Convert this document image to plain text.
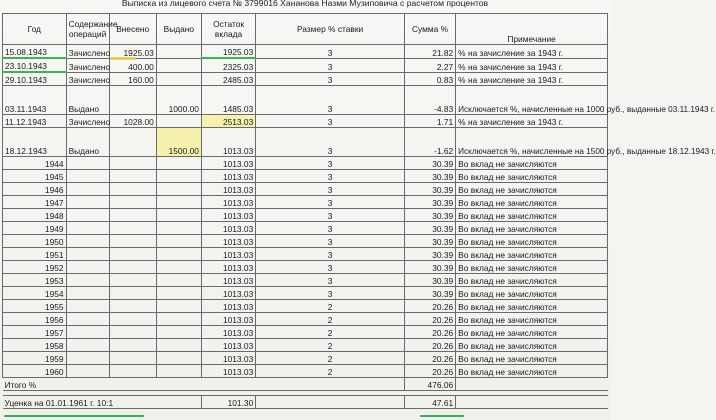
Выписка из лицевого счета № 3799016 Хананова Назми Музиповича с расчетом процентов
Год	Содержание операций	Внесено	Выдано	Остаток вклада	Размер % ставки	Сумма %	Примечание
15.08.1943	Зачислено	1925.03		1925.03	3	21.82	% на зачисление за 1943 г.
23.10.1943	Зачислено	400.00		2325.03	3	2.27	% на зачисление за 1943 г.
29.10.1943	Зачислено	160.00		2485.03	3	0.83	% на зачисление за 1943 г.
03.11.1943	Выдано		1000.00	1485.03	3	-4.83	Исключается %, начисленные на 1000 руб., выданные 03.11.1943 г.
11.12.1943	Зачислено	1028.00		2513.03	3	1.71	% на зачисление за 1943 г.
18.12.1943	Выдано		1500.00	1013.03	3	-1.62	Исключается %, начисленные на 1500 руб., выданные 18.12.1943 г.
1944				1013.03	3	30.39	Во вклад не зачисляются
1945				1013.03	3	30.39	Во вклад не зачисляются
1946				1013.03	3	30.39	Во вклад не зачисляются
1947				1013.03	3	30.39	Во вклад не зачисляются
1948				1013.03	3	30.39	Во вклад не зачисляются
1949				1013.03	3	30.39	Во вклад не зачисляются
1950				1013.03	3	30.39	Во вклад не зачисляются
1951				1013.03	3	30.39	Во вклад не зачисляются
1952				1013.03	3	30.39	Во вклад не зачисляются
1953				1013.03	3	30.39	Во вклад не зачисляются
1954				1013.03	3	30.39	Во вклад не зачисляются
1955				1013.03	2	20.26	Во вклад не зачисляются
1956				1013.03	2	20.26	Во вклад не зачисляются
1957				1013.03	2	20.26	Во вклад не зачисляются
1958				1013.03	2	20.26	Во вклад не зачисляются
1959				1013.03	2	20.26	Во вклад не зачисляются
1960				1013.03	2	20.26	Во вклад не зачисляются
Итого %						476.06	

Уценка на 01.01.1961 г. 10:1				101.30		47.61	
